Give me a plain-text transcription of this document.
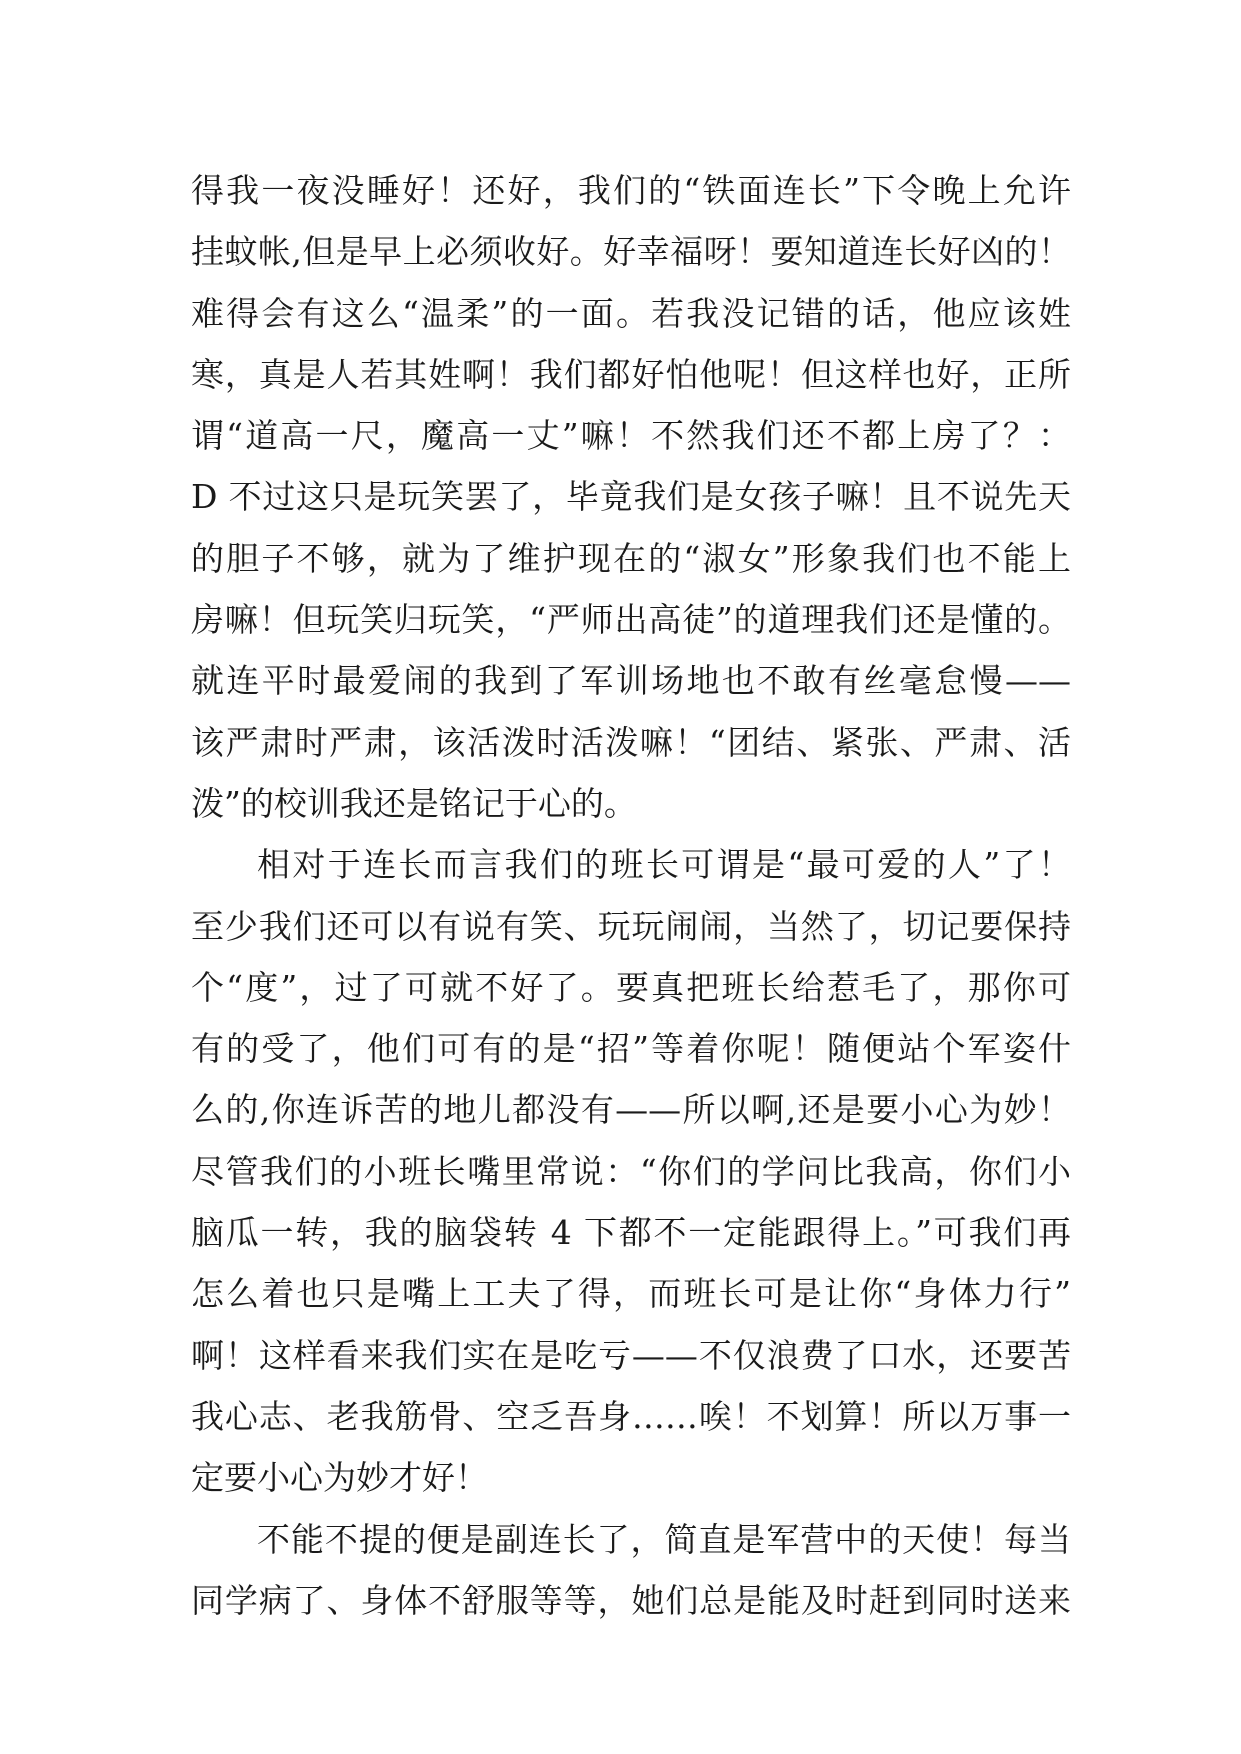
得我一夜没睡好！还好，我们的“铁面连长”下令晚上允许
挂蚊帐,但是早上必须收好。好幸福呀！要知道连长好凶的！
难得会有这么“温柔”的一面。若我没记错的话，他应该姓
寒，真是人若其姓啊！我们都好怕他呢！但这样也好，正所
谓“道高一尺，魔高一丈”嘛！不然我们还不都上房了？：
D 不过这只是玩笑罢了，毕竟我们是女孩子嘛！且不说先天
的胆子不够，就为了维护现在的“淑女”形象我们也不能上
房嘛！但玩笑归玩笑，“严师出高徒”的道理我们还是懂的。
就连平时最爱闹的我到了军训场地也不敢有丝毫怠慢——
该严肃时严肃，该活泼时活泼嘛！“团结、紧张、严肃、活
泼”的校训我还是铭记于心的。
相对于连长而言我们的班长可谓是“最可爱的人”了！
至少我们还可以有说有笑、玩玩闹闹，当然了，切记要保持
个“度”，过了可就不好了。要真把班长给惹毛了，那你可
有的受了，他们可有的是“招”等着你呢！随便站个军姿什
么的,你连诉苦的地儿都没有——所以啊,还是要小心为妙！
尽管我们的小班长嘴里常说：“你们的学问比我高，你们小
脑瓜一转，我的脑袋转 4 下都不一定能跟得上。”可我们再
怎么着也只是嘴上工夫了得，而班长可是让你“身体力行”
啊！这样看来我们实在是吃亏——不仅浪费了口水，还要苦
我心志、老我筋骨、空乏吾身……唉！不划算！所以万事一
定要小心为妙才好！
不能不提的便是副连长了，简直是军营中的天使！每当
同学病了、身体不舒服等等，她们总是能及时赶到同时送来
